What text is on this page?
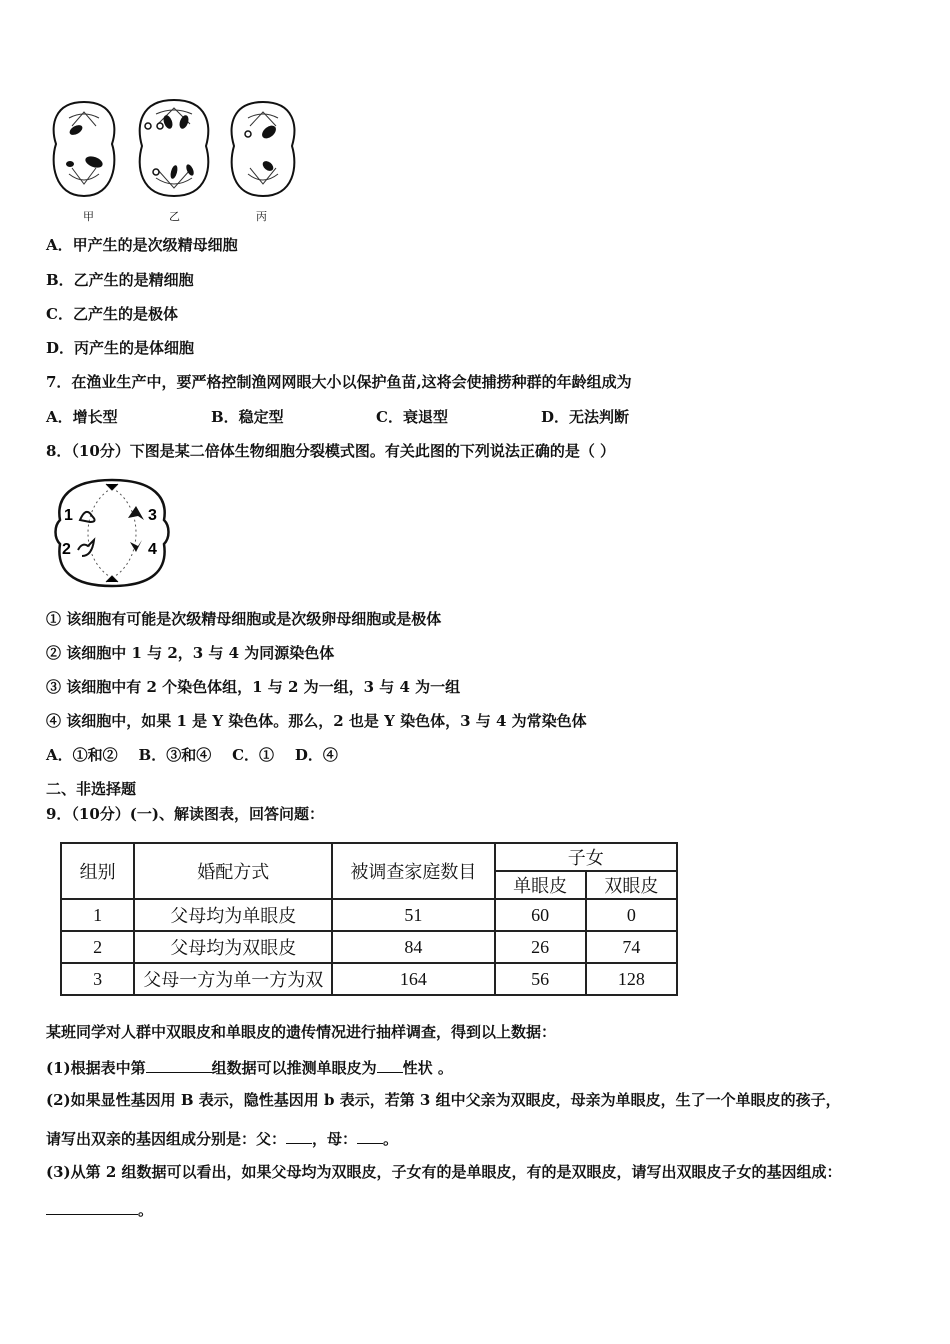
甲	乙	丙
A．甲产生的是次级精母细胞
B．乙产生的是精细胞
C．乙产生的是极体
D．丙产生的是体细胞
7．在渔业生产中，要严格控制渔网网眼大小以保护鱼苗,这将会使捕捞种群的年龄组成为
A．增长型	B．稳定型	C．衰退型	D．无法判断
8．（10分）下图是某二倍体生物细胞分裂模式图。有关此图的下列说法正确的是（ ）
1
2
3
4
① 该细胞有可能是次级精母细胞或是次级卵母细胞或是极体
② 该细胞中 1 与 2，3 与 4 为同源染色体
③ 该细胞中有 2 个染色体组，1 与 2 为一组，3 与 4 为一组
④ 该细胞中，如果 1 是 Y 染色体。那么，2 也是 Y 染色体，3 与 4 为常染色体
A．①和②    B．③和④    C．①    D．④
二、非选择题
9．（10分）(一)、解读图表，回答问题：
组别	婚配方式	被调查家庭数目	子女	
			单眼皮	双眼皮
1	父母均为单眼皮	51	60	0
2	父母均为双眼皮	84	26	74
3	父母一方为单一方为双	164	56	128
某班同学对人群中双眼皮和单眼皮的遗传情况进行抽样调查，得到以上数据：
(1)根据表中第	组数据可以推测单眼皮为 性状 。
(2)如果显性基因用 B 表示，隐性基因用 b 表示，若第 3 组中父亲为双眼皮，母亲为单眼皮，生了一个单眼皮的孩子，
请写出双亲的基因组成分别是：父： ，母： 。
(3)从第 2 组数据可以看出，如果父母均为双眼皮，子女有的是单眼皮，有的是双眼皮，请写出双眼皮子女的基因组成：
。
